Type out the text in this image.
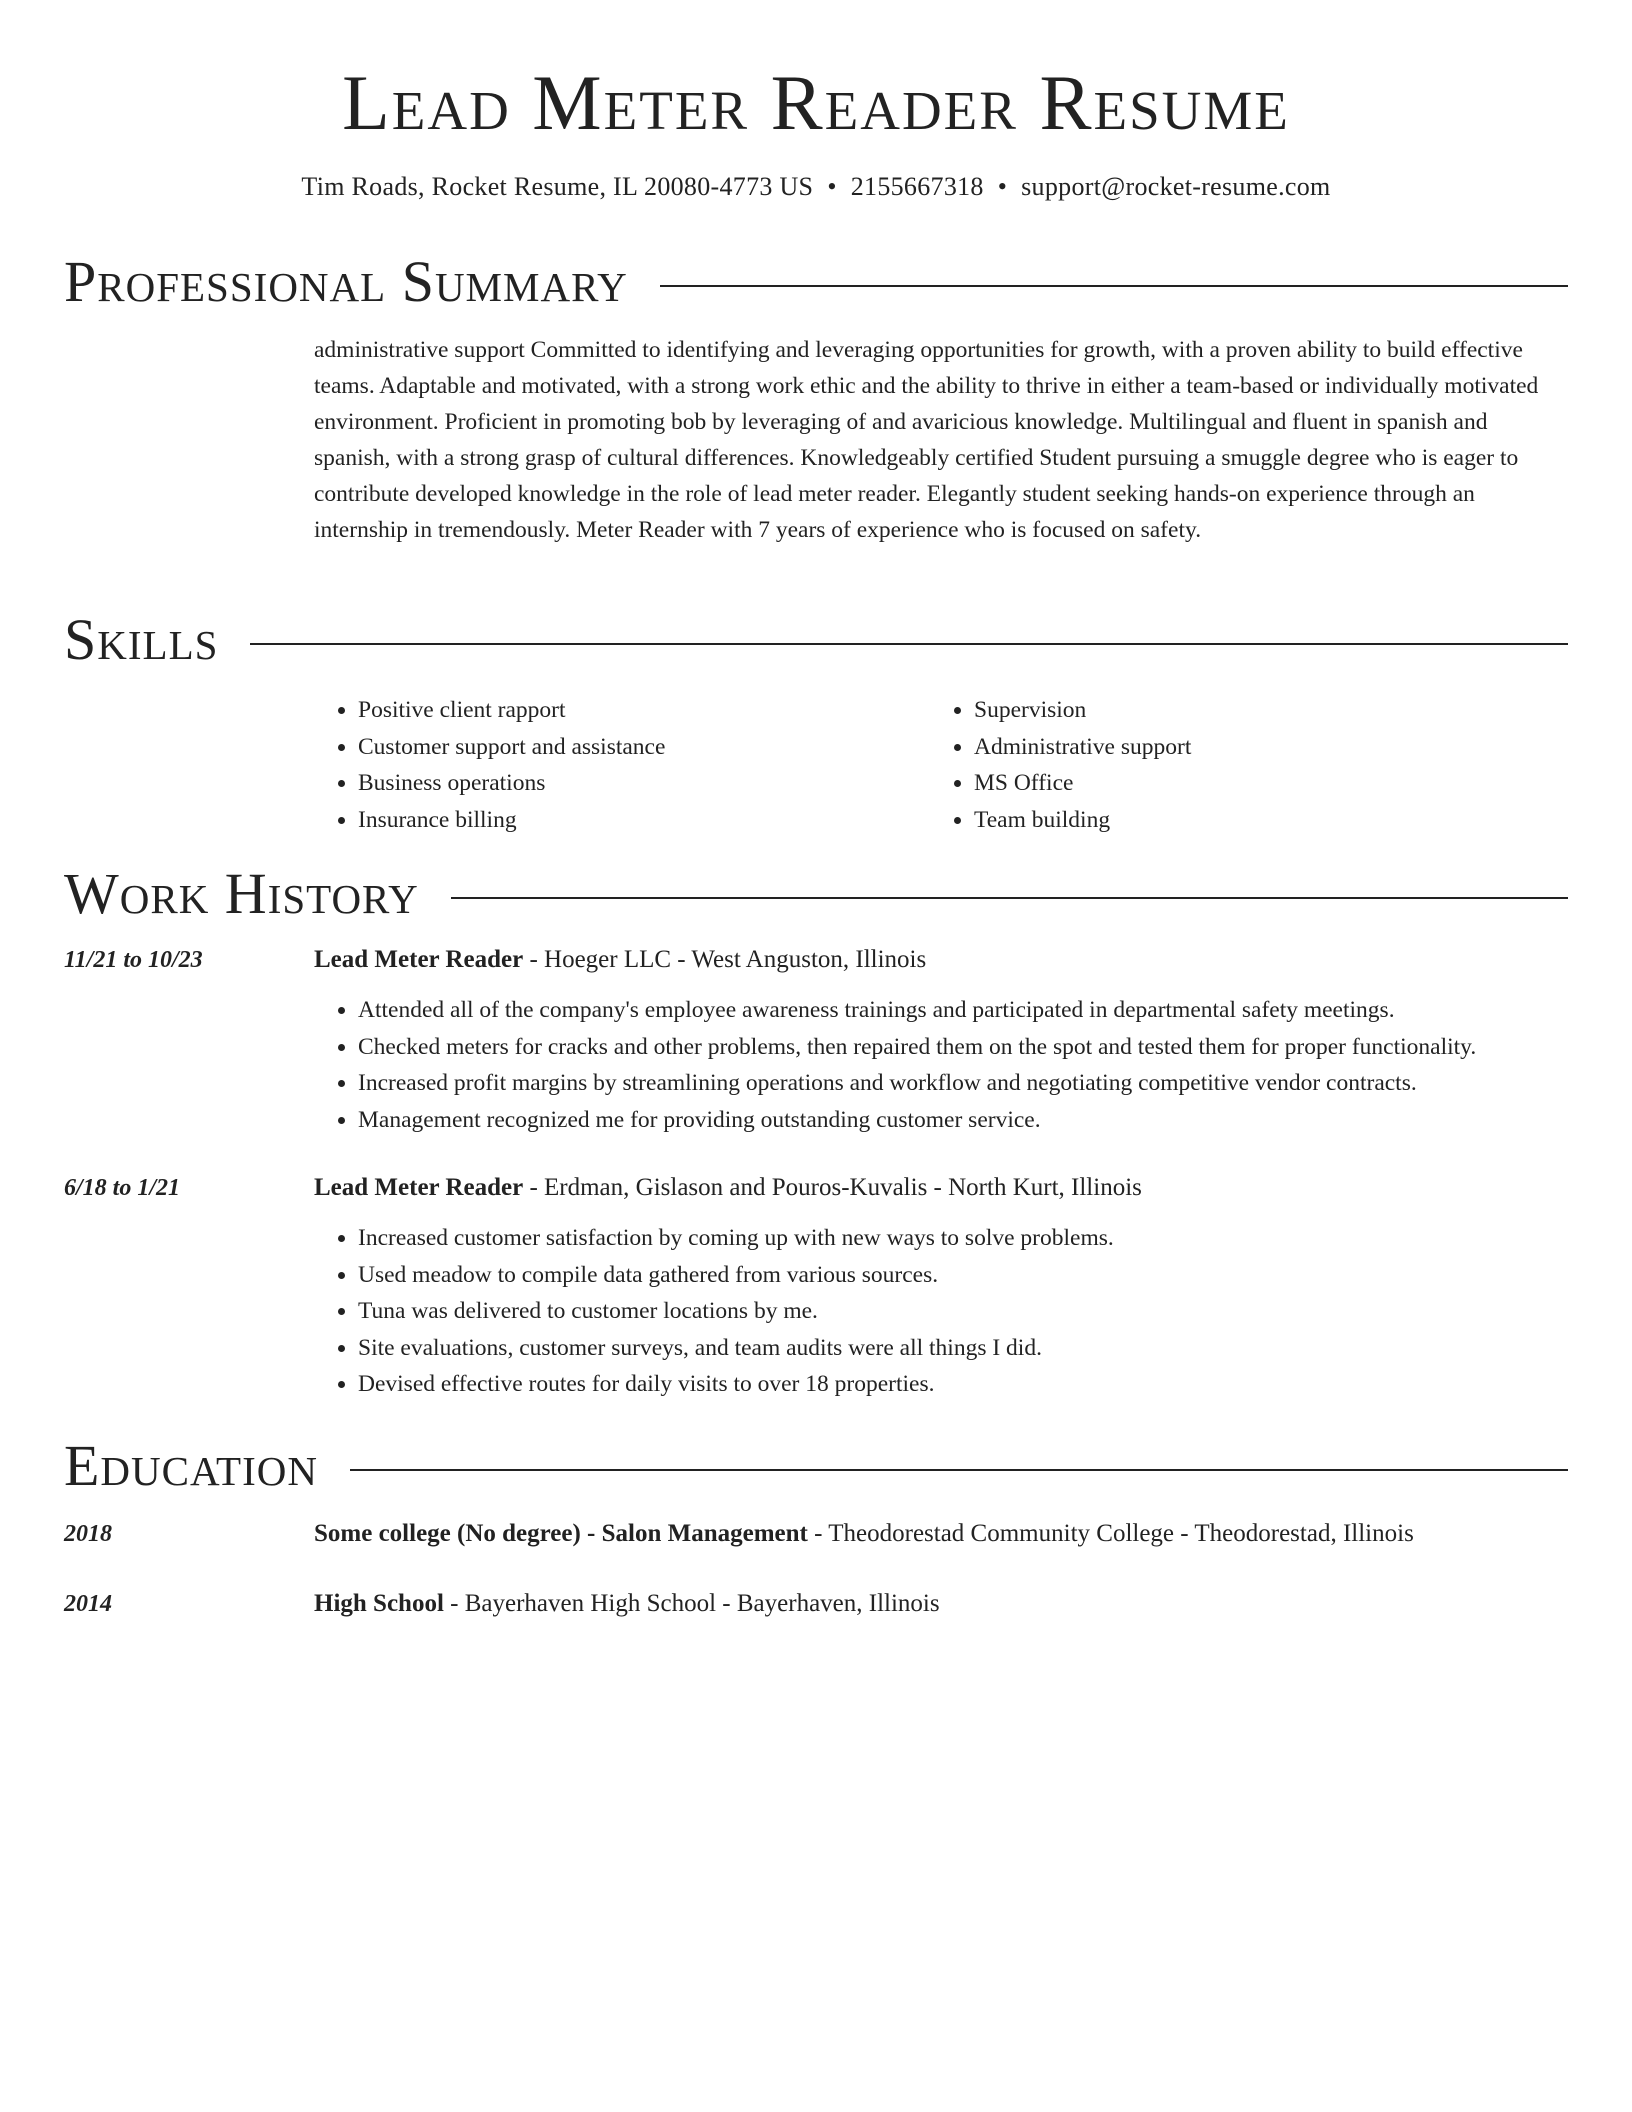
Lead Meter Reader Resume
Tim Roads, Rocket Resume, IL 20080-4773 US • 2155667318 • support@rocket-resume.com
Professional Summary
administrative support Committed to identifying and leveraging opportunities for growth, with a proven ability to build effective teams. Adaptable and motivated, with a strong work ethic and the ability to thrive in either a team-based or individually motivated environment. Proficient in promoting bob by leveraging of and avaricious knowledge. Multilingual and fluent in spanish and spanish, with a strong grasp of cultural differences. Knowledgeably certified Student pursuing a smuggle degree who is eager to contribute developed knowledge in the role of lead meter reader. Elegantly student seeking hands-on experience through an internship in tremendously. Meter Reader with 7 years of experience who is focused on safety.
Skills
• Positive client rapport
• Customer support and assistance
• Business operations
• Insurance billing
• Supervision
• Administrative support
• MS Office
• Team building
Work History
11/21 to 10/23	Lead Meter Reader - Hoeger LLC - West Anguston, Illinois
• Attended all of the company's employee awareness trainings and participated in departmental safety meetings.
• Checked meters for cracks and other problems, then repaired them on the spot and tested them for proper functionality.
• Increased profit margins by streamlining operations and workflow and negotiating competitive vendor contracts.
• Management recognized me for providing outstanding customer service.
6/18 to 1/21	Lead Meter Reader - Erdman, Gislason and Pouros-Kuvalis - North Kurt, Illinois
• Increased customer satisfaction by coming up with new ways to solve problems.
• Used meadow to compile data gathered from various sources.
• Tuna was delivered to customer locations by me.
• Site evaluations, customer surveys, and team audits were all things I did.
• Devised effective routes for daily visits to over 18 properties.
Education
2018	Some college (No degree) - Salon Management - Theodorestad Community College - Theodorestad, Illinois
2014	High School - Bayerhaven High School - Bayerhaven, Illinois
